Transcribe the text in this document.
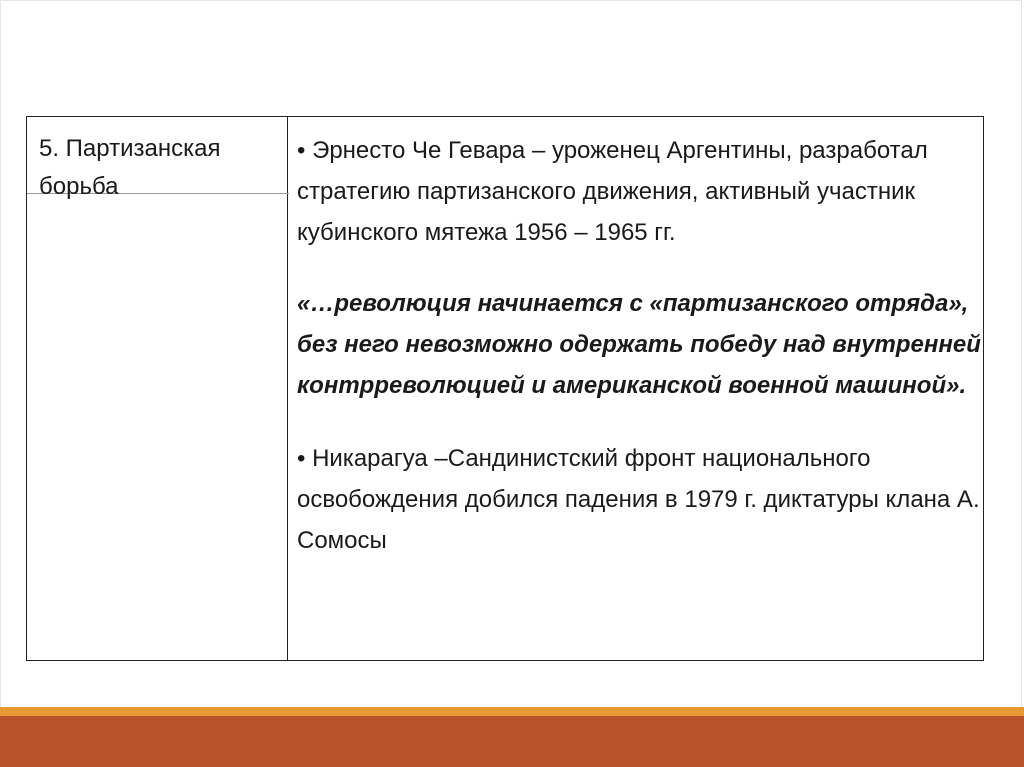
5. Партизанская борьба

• Эрнесто Че Гевара – уроженец Аргентины, разработал стратегию партизанского движения, активный участник кубинского мятежа 1956 – 1965 гг.

«…революция начинается с «партизанского отряда», без него невозможно одержать победу над внутренней контрреволюцией и американской военной машиной».

• Никарагуа –Сандинистский фронт национального освобождения добился падения в 1979 г. диктатуры клана А. Сомосы
